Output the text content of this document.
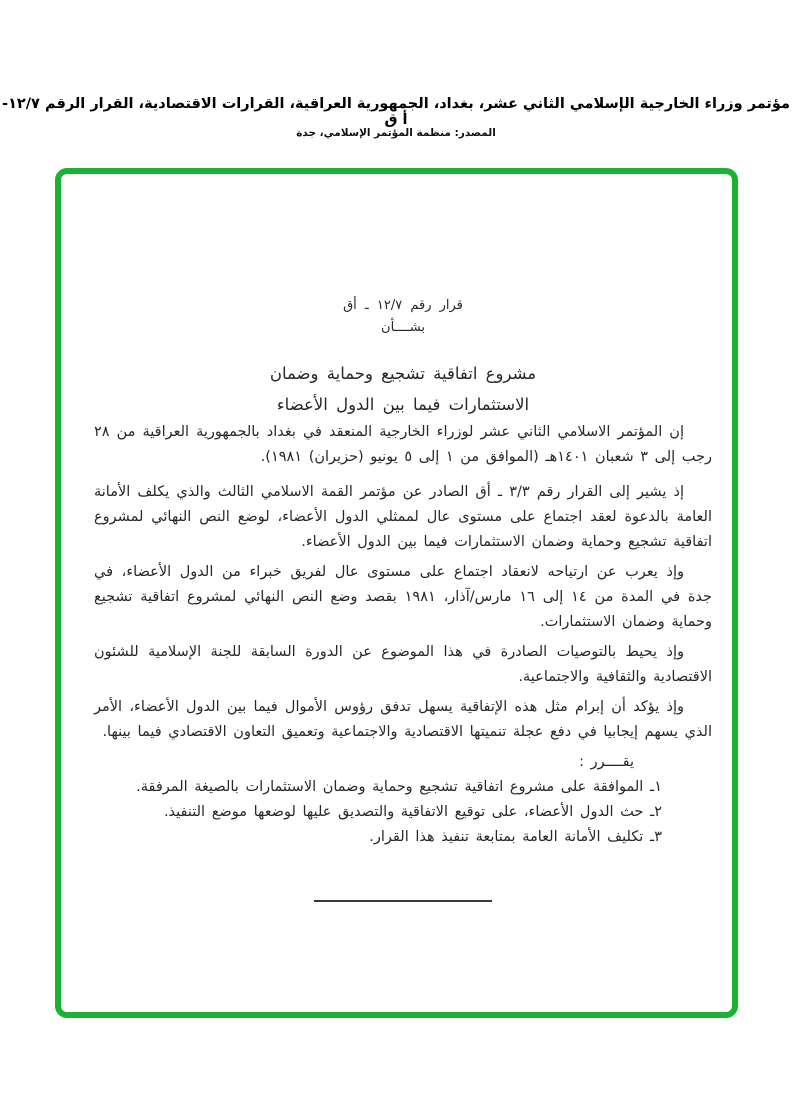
مؤتمر وزراء الخارجية الإسلامي الثاني عشر، بغداد، الجمهورية العراقية، القرارات الاقتصادية، القرار الرقم ١٢/٧-أ ق
المصدر: منظمة المؤتمر الإسلامي، جدة
قرار رقم ١٢/٧ ـ أق
بشــــأن
مشروع اتفاقية تشجيع وحماية وضمان
الاستثمارات فيما بين الدول الأعضاء

إن المؤتمر الاسلامي الثاني عشر لوزراء الخارجية المنعقد في بغداد بالجمهورية العراقية من ٢٨ رجب إلى ٣ شعبان ١٤٠١هـ (الموافق من ١ إلى ٥ يونيو (حزيران) ١٩٨١).

إذ يشير إلى القرار رقم ٣/٣ ـ أق الصادر عن مؤتمر القمة الاسلامي الثالث والذي يكلف الأمانة العامة بالدعوة لعقد اجتماع على مستوى عال لممثلي الدول الأعضاء، لوضع النص النهائي لمشروع اتفاقية تشجيع وحماية وضمان الاستثمارات فيما بين الدول الأعضاء.

وإذ يعرب عن ارتياحه لانعقاد اجتماع على مستوى عال لفريق خبراء من الدول الأعضاء، في جدة في المدة من ١٤ إلى ١٦ مارس/آذار، ١٩٨١ بقصد وضع النص النهائي لمشروع اتفاقية تشجيع وحماية وضمان الاستثمارات.

وإذ يحيط بالتوصيات الصادرة في هذا الموضوع عن الدورة السابقة للجنة الإسلامية للشئون الاقتصادية والثقافية والاجتماعية.

وإذ يؤكد أن إبرام مثل هذه الإتفاقية يسهل تدفق رؤوس الأموال فيما بين الدول الأعضاء، الأمر الذي يسهم إيجابيا في دفع عجلة تنميتها الاقتصادية والاجتماعية وتعميق التعاون الاقتصادي فيما بينها.

يقــــرر :
١ـ الموافقة على مشروع اتفاقية تشجيع وحماية وضمان الاستثمارات بالصيغة المرفقة.
٢ـ حث الدول الأعضاء، على توقيع الاتفاقية والتصديق عليها لوضعها موضع التنفيذ.
٣ـ تكليف الأمانة العامة بمتابعة تنفيذ هذا القرار.
